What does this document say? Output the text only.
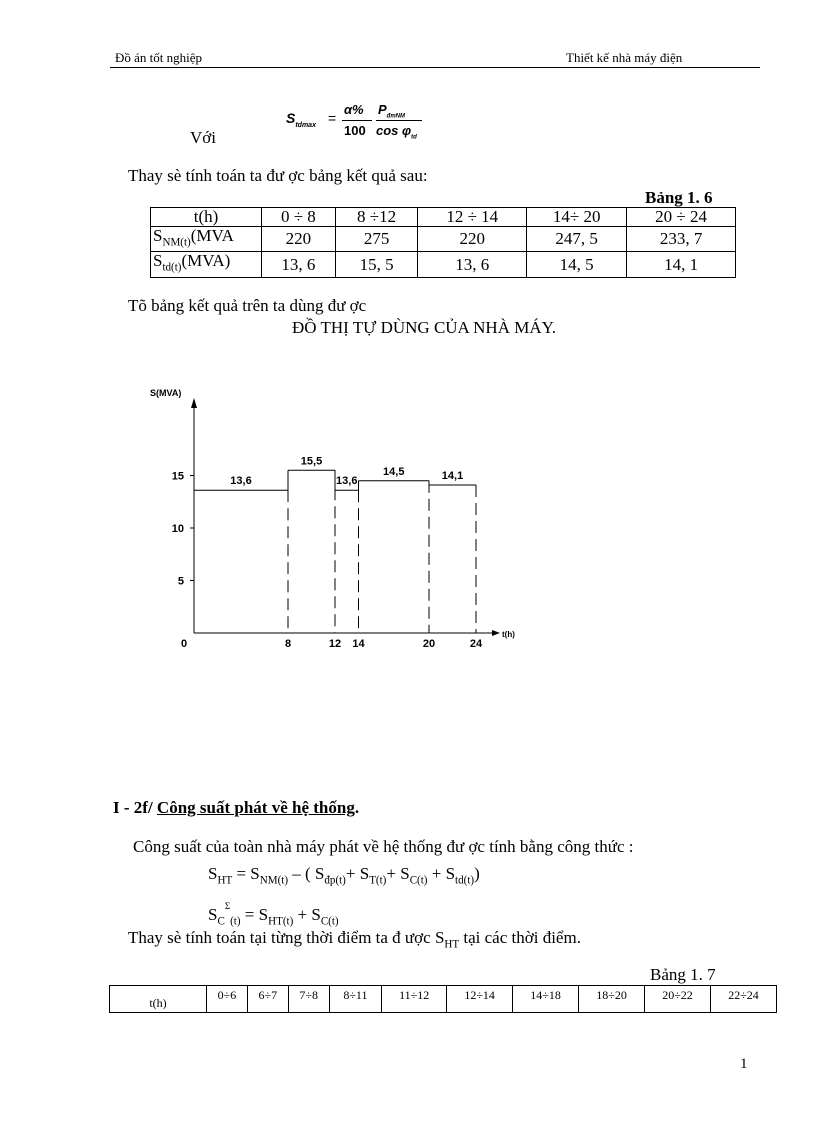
Đồ án tốt nghiệp	Thiết kế nhà máy điện
Với
$S_{tdmax}$ =
α%
100
$P_{đmNM}$
$\cos \varphi_{td}$
Thay sè tính toán ta đư ợc bảng kết quả sau:
Bảng 1. 6
t(h)	0 ÷ 8	8 ÷12	12 ÷ 14	14÷ 20	20 ÷ 24
$S_{NM(t)}(MVA$	220	275	220	247, 5	233, 7
$S_{td(t)}(MVA)$	13, 6	15, 5	13, 6	14, 5	14, 1
Tõ bảng kết quả trên ta dùng đư ợc
ĐỒ THỊ TỰ DÙNG CỦA NHÀ MÁY.
S(MVA)
t(h)
5
10
15
0	8	12 14	20	24
13,6
15,5
13,6
14,5	14,1
I - 2f/ Công suất phát về hệ thống.
Công suất của toàn nhà máy phát về hệ thống đư ợc tính bằng công thức :
$S_{HT} = S_{NM(t)}$ – ( $S_{đp(t)}+ S_{T(t)}+ S_{C(t)} + S_{td(t)}$)
$S_C^\Sigma_{(t)} = S_{HT(t)} + S_{C(t)}$
Thay sè tính toán tại từng thời điểm ta đ ược $S_{HT}$ tại các thời điểm.
Bảng 1. 7
t(h)	0÷6	6÷7	7÷8	8÷11	11÷12	12÷14	14÷18	18÷20	20÷22	22÷24
1
